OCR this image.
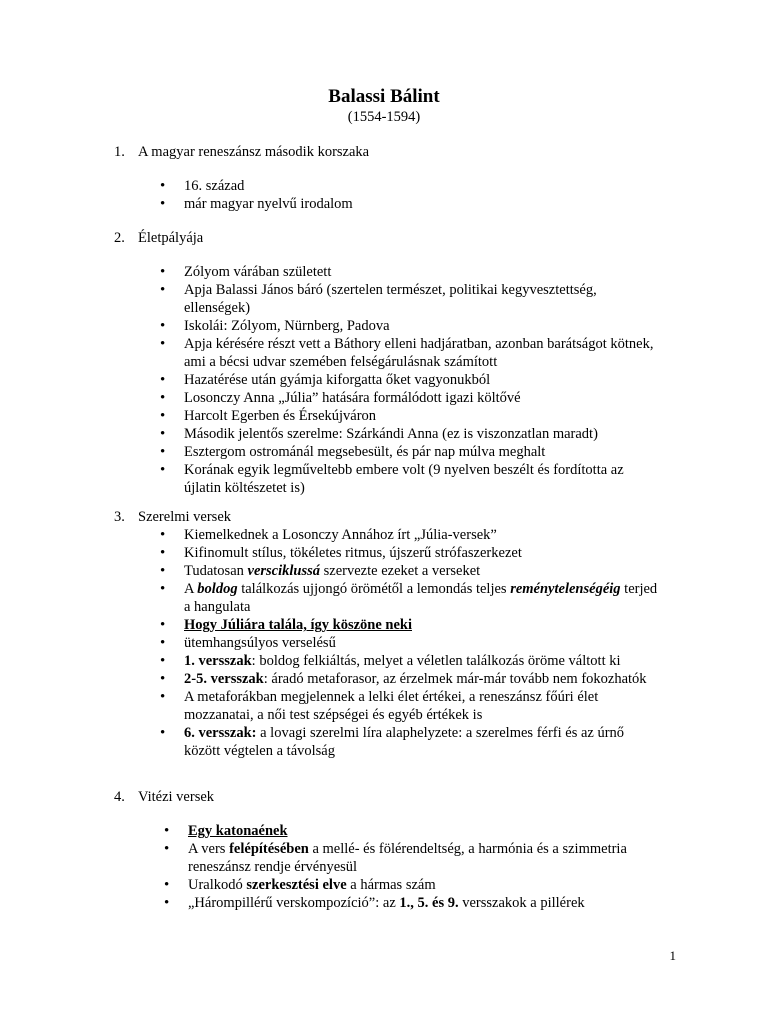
Balassi Bálint
(1554-1594)
1. A magyar reneszánsz második korszaka
• 16. század
• már magyar nyelvű irodalom
2. Életpályája
• Zólyom várában született
• Apja Balassi János báró (szertelen természet, politikai kegyvesztettség, ellenségek)
• Iskolái: Zólyom, Nürnberg, Padova
• Apja kérésére részt vett a Báthory elleni hadjáratban, azonban barátságot kötnek, ami a bécsi udvar szemében felségárulásnak számított
• Hazatérése után gyámja kiforgatta őket vagyonukból
• Losonczy Anna „Júlia” hatására formálódott igazi költővé
• Harcolt Egerben és Érsekújváron
• Második jelentős szerelme: Szárkándi Anna (ez is viszonzatlan maradt)
• Esztergom ostrománál megsebesült, és pár nap múlva meghalt
• Korának egyik legműveltebb embere volt (9 nyelven beszélt és fordította az újlatin költészetet is)
3. Szerelmi versek
• Kiemelkednek a Losonczy Annához írt „Júlia-versek”
• Kifinomult stílus, tökéletes ritmus, újszerű strófaszerkezet
• Tudatosan versciklussá szervezte ezeket a verseket
• A boldog találkozás ujjongó örömétől a lemondás teljes reménytelenségéig terjed a hangulata
• Hogy Júliára talála, így köszöne neki
• ütemhangsúlyos verselésű
• 1. versszak: boldog felkiáltás, melyet a véletlen találkozás öröme váltott ki
• 2-5. versszak: áradó metaforasor, az érzelmek már-már tovább nem fokozhatók
• A metaforákban megjelennek a lelki élet értékei, a reneszánsz főúri élet mozzanatai, a női test szépségei és egyéb értékek is
• 6. versszak: a lovagi szerelmi líra alaphelyzete: a szerelmes férfi és az úrnő között végtelen a távolság
4. Vitézi versek
• Egy katonaének
• A vers felépítésében a mellé- és fölérendeltség, a harmónia és a szimmetria reneszánsz rendje érvényesül
• Uralkodó szerkesztési elve a hármas szám
• „Hárompillérű verskompozíció”: az 1., 5. és 9. versszakok a pillérek
1
